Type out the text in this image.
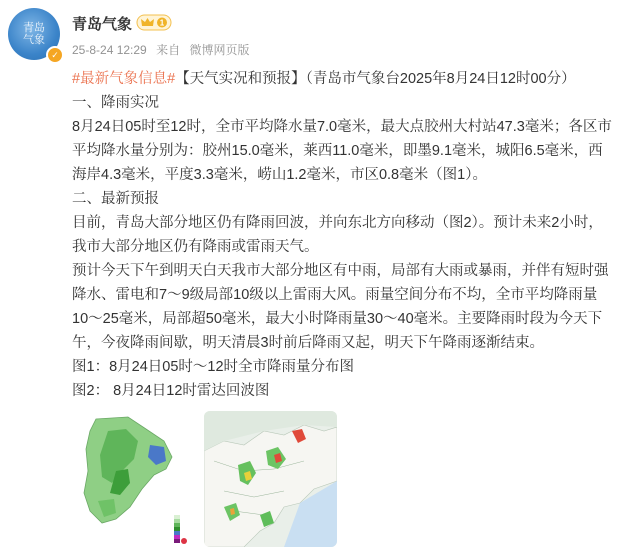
青岛
气象
✓
青岛气象	1
25-8-24 12:29 来自 微博网页版

#最新气象信息#【天气实况和预报】（青岛市气象台2025年8月24日12时00分）

一、降雨实况

8月24日05时至12时，全市平均降水量7.0毫米，最大点胶州大村站47.3毫米；各区市平均降水量分别为：胶州15.0毫米，莱西11.0毫米，即墨9.1毫米，城阳6.5毫米，西海岸4.3毫米，平度3.3毫米，崂山1.2毫米，市区0.8毫米（图1）。

二、最新预报

目前，青岛大部分地区仍有降雨回波，并向东北方向移动（图2）。预计未来2小时，我市大部分地区仍有降雨或雷雨天气。

预计今天下午到明天白天我市大部分地区有中雨，局部有大雨或暴雨，并伴有短时强降水、雷电和7～9级局部10级以上雷雨大风。雨量空间分布不均，全市平均降雨量10～25毫米，局部超50毫米，最大小时降雨量30～40毫米。主要降雨时段为今天下午，今夜降雨间歇，明天清晨3时前后降雨又起，明天下午降雨逐渐结束。

图1：8月24日05时～12时全市降雨量分布图

图2： 8月24日12时雷达回波图
